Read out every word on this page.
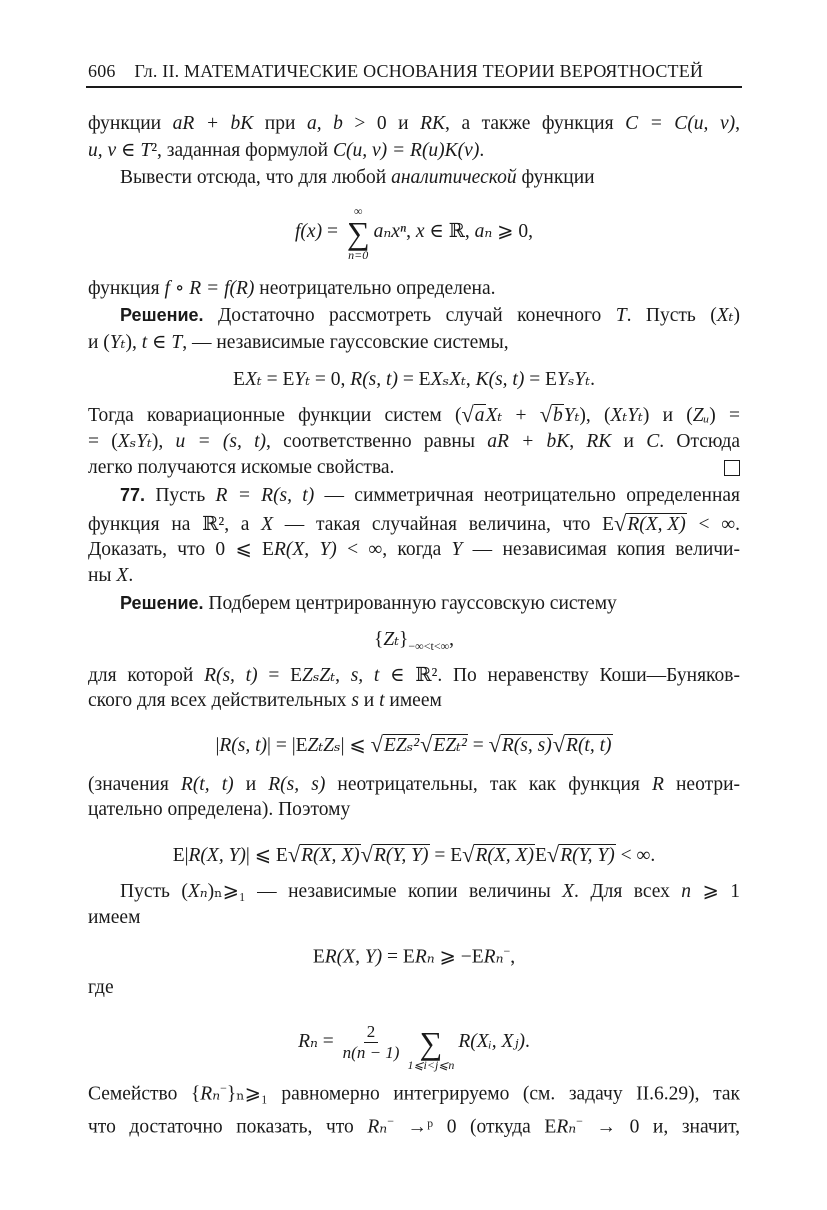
606 Гл. II. МАТЕМАТИЧЕСКИЕ ОСНОВАНИЯ ТЕОРИИ ВЕРОЯТНОСТЕЙ
функции aR + bK при a, b > 0 и RK, а также функция C = C(u, v),
u, v ∈ T², заданная формулой C(u, v) = R(u)K(v).
Вывести отсюда, что для любой аналитической функции
f(x) =
∞
∑
n=0
aₙxⁿ, x ∈ ℝ, aₙ ⩾ 0,
функция f ∘ R = f(R) неотрицательно определена.
Решение. Достаточно рассмотреть случай конечного T. Пусть (Xₜ)
и (Yₜ), t ∈ T, — независимые гауссовские системы,
EXₜ = EYₜ = 0, R(s, t) = EXₛXₜ, K(s, t) = EYₛYₜ.
Тогда ковариационные функции систем (√aXₜ + √bYₜ), (XₜYₜ) и (Zᵤ) =
= (XₛYₜ), u = (s, t), соответственно равны aR + bK, RK и C. Отсюда
легко получаются искомые свойства.
77. Пусть R = R(s, t) — симметричная неотрицательно определенная
функция на ℝ², а X — такая случайная величина, что E√R(X, X) < ∞.
Доказать, что 0 ⩽ ER(X, Y) < ∞, когда Y — независимая копия величи-
ны X.
Решение. Подберем центрированную гауссовскую систему
$\{Z_t\}_{-\infty<t<\infty}$,
для которой R(s, t) = EZₛZₜ, s, t ∈ ℝ². По неравенству Коши—Буняков-
ского для всех действительных s и t имеем
|R(s, t)| = |EZₜZₛ| ⩽ √EZₛ²√EZₜ² = √R(s, s)√R(t, t)
(значения R(t, t) и R(s, s) неотрицательны, так как функция R неотри-
цательно определена). Поэтому
E|R(X, Y)| ⩽ E√R(X, X)√R(Y, Y) = E√R(X, X)E√R(Y, Y) < ∞.
Пусть (Xₙ)ₙ⩾₁ — независимые копии величины X. Для всех n ⩾ 1
имеем
ER(X, Y) = ERₙ ⩾ −ERₙ−,
где
$R_n = \frac{2}{n(n - 1)}$
∑
1⩽i<j⩽n
R(Xᵢ, Xⱼ).
Семейство {Rₙ−}ₙ⩾₁ равномерно интегрируемо (см. задачу II.6.29), так
что достаточно показать, что Rₙ− →ᵖ 0 (откуда ERₙ− → 0 и, значит,
